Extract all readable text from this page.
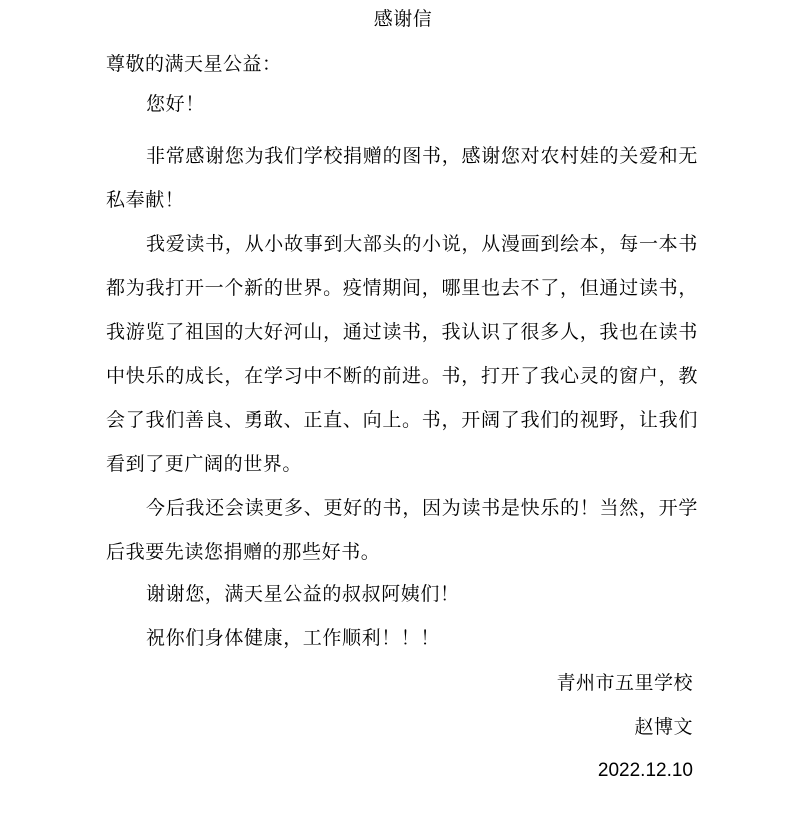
感谢信
尊敬的满天星公益：

您好！

非常感谢您为我们学校捐赠的图书，感谢您对农村娃的关爱和无私奉献！

我爱读书，从小故事到大部头的小说，从漫画到绘本，每一本书都为我打开一个新的世界。疫情期间，哪里也去不了，但通过读书，我游览了祖国的大好河山，通过读书，我认识了很多人，我也在读书中快乐的成长，在学习中不断的前进。书，打开了我心灵的窗户，教会了我们善良、勇敢、正直、向上。书，开阔了我们的视野，让我们看到了更广阔的世界。

今后我还会读更多、更好的书，因为读书是快乐的！当然，开学后我要先读您捐赠的那些好书。

谢谢您，满天星公益的叔叔阿姨们！

祝你们身体健康，工作顺利！！！

青州市五里学校
赵博文
2022.12.10
